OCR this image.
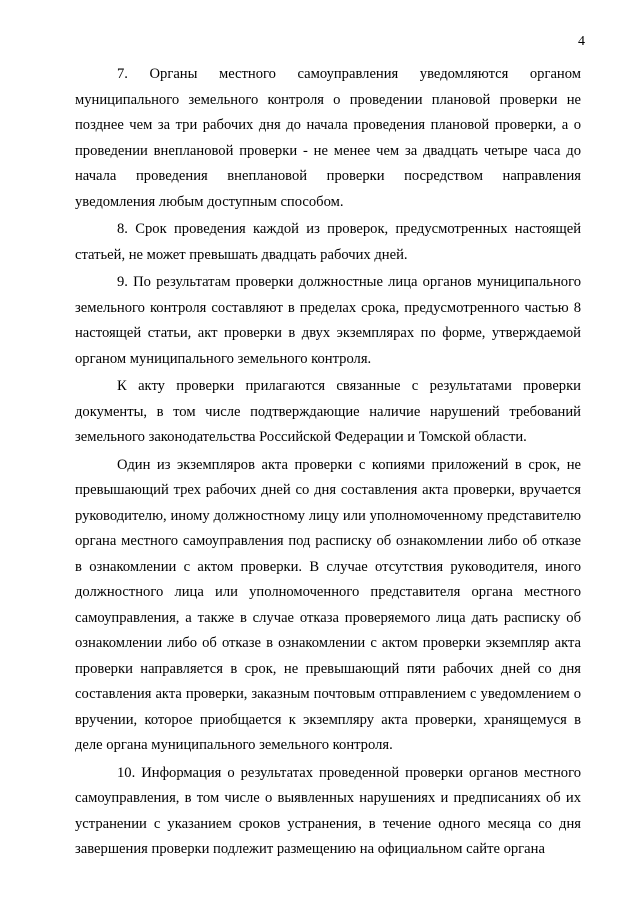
4

7. Органы местного самоуправления уведомляются органом муниципального земельного контроля о проведении плановой проверки не позднее чем за три рабочих дня до начала проведения плановой проверки, а о проведении внеплановой проверки - не менее чем за двадцать четыре часа до начала проведения внеплановой проверки посредством направления уведомления любым доступным способом.

8. Срок проведения каждой из проверок, предусмотренных настоящей статьей, не может превышать двадцать рабочих дней.

9. По результатам проверки должностные лица органов муниципального земельного контроля составляют в пределах срока, предусмотренного частью 8 настоящей статьи, акт проверки в двух экземплярах по форме, утверждаемой органом муниципального земельного контроля.

К акту проверки прилагаются связанные с результатами проверки документы, в том числе подтверждающие наличие нарушений требований земельного законодательства Российской Федерации и Томской области.

Один из экземпляров акта проверки с копиями приложений в срок, не превышающий трех рабочих дней со дня составления акта проверки, вручается руководителю, иному должностному лицу или уполномоченному представителю органа местного самоуправления под расписку об ознакомлении либо об отказе в ознакомлении с актом проверки. В случае отсутствия руководителя, иного должностного лица или уполномоченного представителя органа местного самоуправления, а также в случае отказа проверяемого лица дать расписку об ознакомлении либо об отказе в ознакомлении с актом проверки экземпляр акта проверки направляется в срок, не превышающий пяти рабочих дней со дня составления акта проверки, заказным почтовым отправлением с уведомлением о вручении, которое приобщается к экземпляру акта проверки, хранящемуся в деле органа муниципального земельного контроля.

10. Информация о результатах проведенной проверки органов местного самоуправления, в том числе о выявленных нарушениях и предписаниях об их устранении с указанием сроков устранения, в течение одного месяца со дня завершения проверки подлежит размещению на официальном сайте органа
